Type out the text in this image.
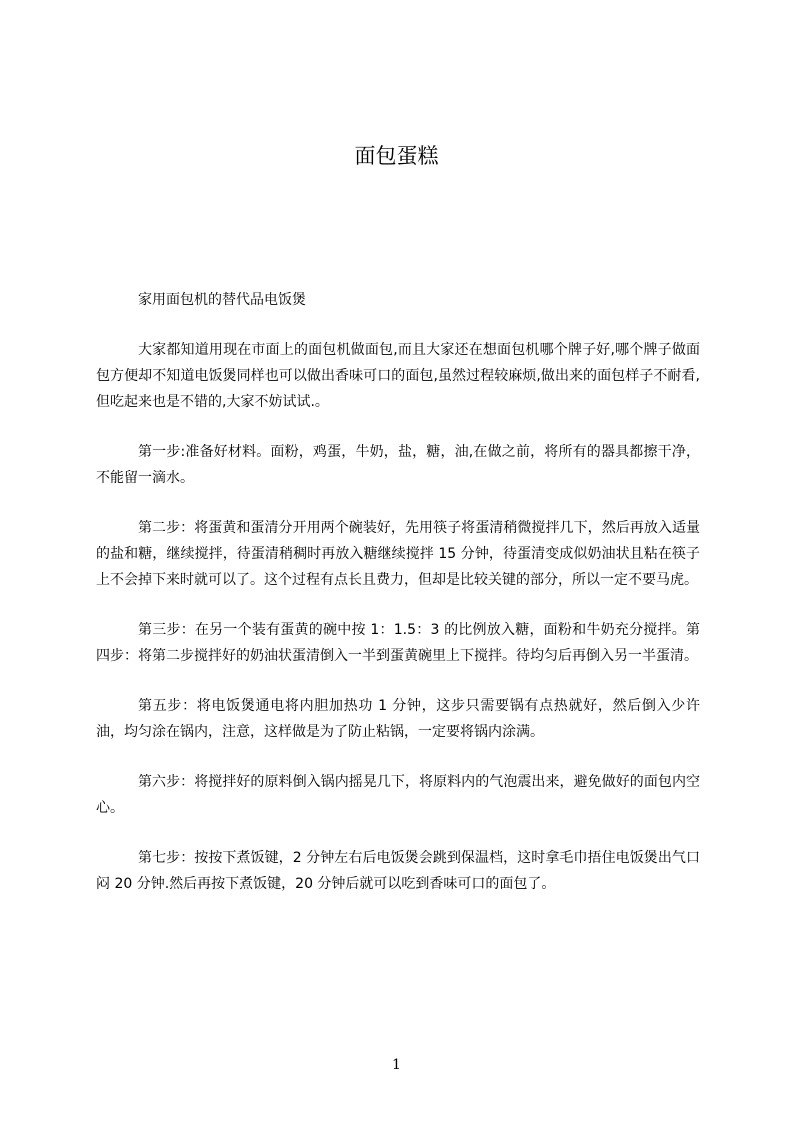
面包蛋糕

家用面包机的替代品电饭煲

大家都知道用现在市面上的面包机做面包,而且大家还在想面包机哪个牌子好,哪个牌子做面包方便却不知道电饭煲同样也可以做出香味可口的面包,虽然过程较麻烦,做出来的面包样子不耐看,但吃起来也是不错的,大家不妨试试.。

第一步:准备好材料。面粉，鸡蛋，牛奶，盐，糖，油,在做之前，将所有的器具都擦干净，不能留一滴水。

第二步：将蛋黄和蛋清分开用两个碗装好，先用筷子将蛋清稍微搅拌几下，然后再放入适量的盐和糖，继续搅拌，待蛋清稍稠时再放入糖继续搅拌 15 分钟，待蛋清变成似奶油状且粘在筷子上不会掉下来时就可以了。这个过程有点长且费力，但却是比较关键的部分，所以一定不要马虎。

第三步：在另一个装有蛋黄的碗中按 1：1.5：3 的比例放入糖，面粉和牛奶充分搅拌。第四步：将第二步搅拌好的奶油状蛋清倒入一半到蛋黄碗里上下搅拌。待均匀后再倒入另一半蛋清。

第五步：将电饭煲通电将内胆加热功 1 分钟，这步只需要锅有点热就好，然后倒入少许油，均匀涂在锅内，注意，这样做是为了防止粘锅，一定要将锅内涂满。

第六步：将搅拌好的原料倒入锅内摇晃几下，将原料内的气泡震出来，避免做好的面包内空心。

第七步：按按下煮饭键，2 分钟左右后电饭煲会跳到保温档，这时拿毛巾捂住电饭煲出气口闷 20 分钟.然后再按下煮饭键，20 分钟后就可以吃到香味可口的面包了。

1
